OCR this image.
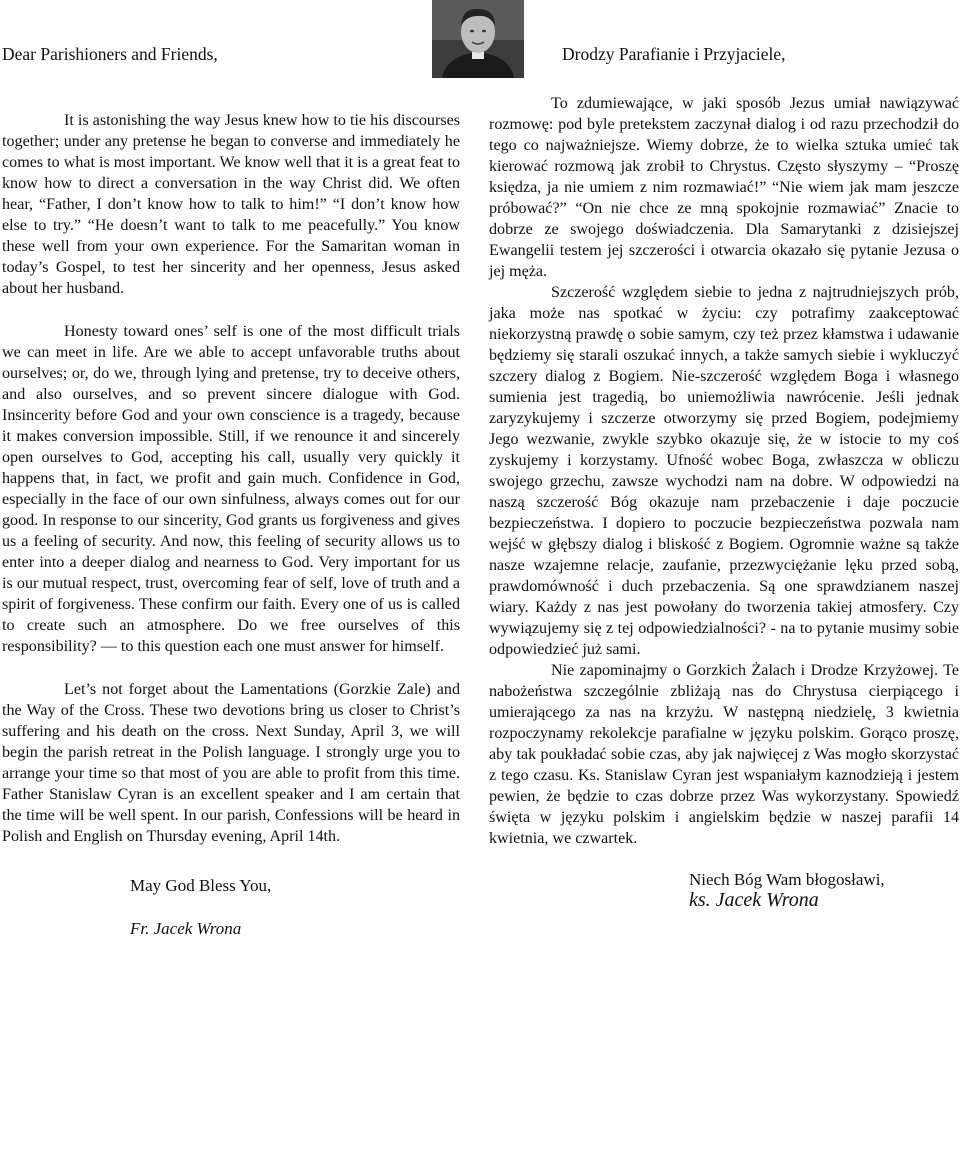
Dear Parishioners and Friends,	Drodzy Parafianie i Przyjaciele,

It is astonishing the way Jesus knew how to tie his discourses together; under any pretense he began to converse and immediately he comes to what is most important. We know well that it is a great feat to know how to direct a conversation in the way Christ did. We often hear, “Father, I don’t know how to talk to him!” “I don’t know how else to try.” “He doesn’t want to talk to me peacefully.” You know these well from your own experience. For the Samaritan woman in today’s Gospel, to test her sincerity and her openness, Jesus asked about her husband.

Honesty toward ones’ self is one of the most difficult trials we can meet in life. Are we able to accept unfavorable truths about ourselves; or, do we, through lying and pretense, try to deceive others, and also ourselves, and so prevent sincere dialogue with God. Insincerity before God and your own conscience is a tragedy, because it makes conversion impossible. Still, if we renounce it and sincerely open ourselves to God, accepting his call, usually very quickly it happens that, in fact, we profit and gain much. Confidence in God, especially in the face of our own sinfulness, always comes out for our good. In response to our sincerity, God grants us forgiveness and gives us a feeling of security. And now, this feeling of security allows us to enter into a deeper dialog and nearness to God. Very important for us is our mutual respect, trust, overcoming fear of self, love of truth and a spirit of forgiveness. These confirm our faith. Every one of us is called to create such an atmosphere. Do we free ourselves of this responsibility? — to this question each one must answer for himself.

Let’s not forget about the Lamentations (Gorzkie Zale) and the Way of the Cross. These two devotions bring us closer to Christ’s suffering and his death on the cross. Next Sunday, April 3, we will begin the parish retreat in the Polish language. I strongly urge you to arrange your time so that most of you are able to profit from this time. Father Stanislaw Cyran is an excellent speaker and I am certain that the time will be well spent. In our parish, Confessions will be heard in Polish and English on Thursday evening, April 14th.

May God Bless You,
Fr. Jacek Wrona

To zdumiewające, w jaki sposób Jezus umiał nawiązywać rozmowę: pod byle pretekstem zaczynał dialog i od razu przechodził do tego co najważniejsze. Wiemy dobrze, że to wielka sztuka umieć tak kierować rozmową jak zrobił to Chrystus. Często słyszymy – “Proszę księdza, ja nie umiem z nim rozmawiać!” “Nie wiem jak mam jeszcze próbować?” “On nie chce ze mną spokojnie rozmawiać” Znacie to dobrze ze swojego doświadczenia. Dla Samarytanki z dzisiejszej Ewangelii testem jej szczerości i otwarcia okazało się pytanie Jezusa o jej męża.

Szczerość względem siebie to jedna z najtrudniejszych prób, jaka może nas spotkać w życiu: czy potrafimy zaakceptować niekorzystną prawdę o sobie samym, czy też przez kłamstwa i udawanie będziemy się starali oszukać innych, a także samych siebie i wykluczyć szczery dialog z Bogiem. Nie-szczerość względem Boga i własnego sumienia jest tragedią, bo uniemożliwia nawrócenie. Jeśli jednak zaryzykujemy i szczerze otworzymy się przed Bogiem, podejmiemy Jego wezwanie, zwykle szybko okazuje się, że w istocie to my coś zyskujemy i korzystamy. Ufność wobec Boga, zwłaszcza w obliczu swojego grzechu, zawsze wychodzi nam na dobre. W odpowiedzi na naszą szczerość Bóg okazuje nam przebaczenie i daje poczucie bezpieczeństwa. I dopiero to poczucie bezpieczeństwa pozwala nam wejść w głębszy dialog i bliskość z Bogiem. Ogromnie ważne są także nasze wzajemne relacje, zaufanie, przezwyciężanie lęku przed sobą, prawdomówność i duch przebaczenia. Są one sprawdzianem naszej wiary. Każdy z nas jest powołany do tworzenia takiej atmosfery. Czy wywiązujemy się z tej odpowiedzialności? - na to pytanie musimy sobie odpowiedzieć już sami.

Nie zapominajmy o Gorzkich Żalach i Drodze Krzyżowej. Te nabożeństwa szczególnie zbliżają nas do Chrystusa cierpiącego i umierającego za nas na krzyżu. W następną niedzielę, 3 kwietnia rozpoczynamy rekolekcje parafialne w języku polskim. Gorąco proszę, aby tak poukładać sobie czas, aby jak najwięcej z Was mogło skorzystać z tego czasu. Ks. Stanislaw Cyran jest wspaniałym kaznodzieją i jestem pewien, że będzie to czas dobrze przez Was wykorzystany. Spowiedź święta w języku polskim i angielskim będzie w naszej parafii 14 kwietnia, we czwartek.

Niech Bóg Wam błogosławi,
ks. Jacek Wrona
